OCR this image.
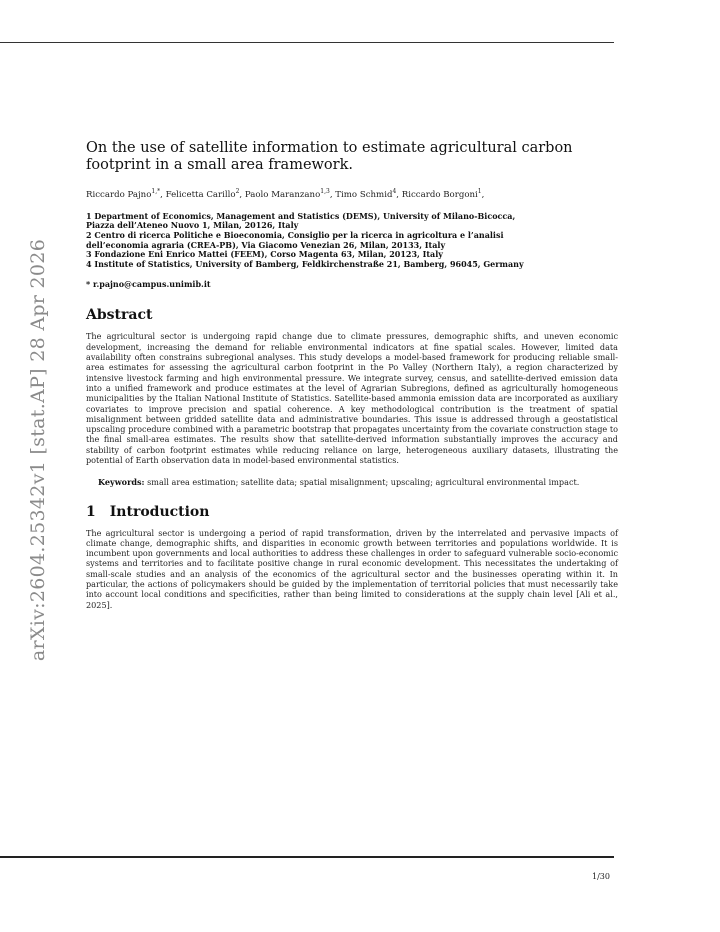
arXiv:2604.25342v1 [stat.AP] 28 Apr 2026
On the use of satellite information to estimate agricultural carbon footprint in a small area framework.

Riccardo Pajno$^{1,*}$, Felicetta Carillo$^2$, Paolo Maranzano$^{1,3}$, Timo Schmid$^4$, Riccardo Borgoni$^1$,

1 Department of Economics, Management and Statistics (DEMS), University of Milano-Bicocca,
Piazza dell’Ateneo Nuovo 1, Milan, 20126, Italy
2 Centro di ricerca Politiche e Bioeconomia, Consiglio per la ricerca in agricoltura e l’analisi
dell’economia agraria (CREA-PB), Via Giacomo Venezian 26, Milan, 20133, Italy
3 Fondazione Eni Enrico Mattei (FEEM), Corso Magenta 63, Milan, 20123, Italy
4 Institute of Statistics, University of Bamberg, Feldkirchenstraße 21, Bamberg, 96045, Germany

* r.pajno@campus.unimib.it

Abstract

The agricultural sector is undergoing rapid change due to climate pressures, demographic shifts, and uneven economic development, increasing the demand for reliable environmental indicators at fine spatial scales. However, limited data availability often constrains subregional analyses. This study develops a model-based framework for producing reliable small-area estimates for assessing the agricultural carbon footprint in the Po Valley (Northern Italy), a region characterized by intensive livestock farming and high environmental pressure. We integrate survey, census, and satellite-derived emission data into a unified framework and produce estimates at the level of Agrarian Subregions, defined as agriculturally homogeneous municipalities by the Italian National Institute of Statistics. Satellite-based ammonia emission data are incorporated as auxiliary covariates to improve precision and spatial coherence. A key methodological contribution is the treatment of spatial misalignment between gridded satellite data and administrative boundaries. This issue is addressed through a geostatistical upscaling procedure combined with a parametric bootstrap that propagates uncertainty from the covariate construction stage to the final small-area estimates. The results show that satellite-derived information substantially improves the accuracy and stability of carbon footprint estimates while reducing reliance on large, heterogeneous auxiliary datasets, illustrating the potential of Earth observation data in model-based environmental statistics.

Keywords: small area estimation; satellite data; spatial misalignment; upscaling; agricultural environmental impact.

1 Introduction

The agricultural sector is undergoing a period of rapid transformation, driven by the interrelated and pervasive impacts of climate change, demographic shifts, and disparities in economic growth between territories and populations worldwide. It is incumbent upon governments and local authorities to address these challenges in order to safeguard vulnerable socio-economic systems and territories and to facilitate positive change in rural economic development. This necessitates the undertaking of small-scale studies and an analysis of the economics of the agricultural sector and the businesses operating within it. In particular, the actions of policymakers should be guided by the implementation of territorial policies that must necessarily take into account local conditions and specificities, rather than being limited to considerations at the supply chain level [Ali et al., 2025].

1/30
